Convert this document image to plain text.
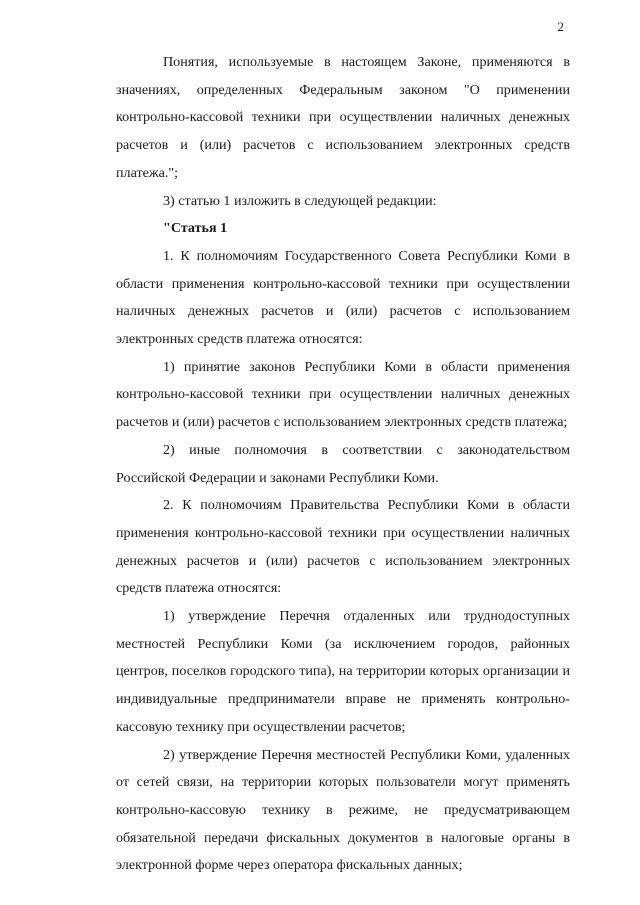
2

Понятия, используемые в настоящем Законе, применяются в значениях, определенных Федеральным законом "О применении контрольно-кассовой техники при осуществлении наличных денежных расчетов и (или) расчетов с использованием электронных средств платежа.";

3) статью 1 изложить в следующей редакции:

"Статья 1

1. К полномочиям Государственного Совета Республики Коми в области применения контрольно-кассовой техники при осуществлении наличных денежных расчетов и (или) расчетов с использованием электронных средств платежа относятся:

1) принятие законов Республики Коми в области применения контрольно-кассовой техники при осуществлении наличных денежных расчетов и (или) расчетов с использованием электронных средств платежа;

2) иные полномочия в соответствии с законодательством Российской Федерации и законами Республики Коми.

2. К полномочиям Правительства Республики Коми в области применения контрольно-кассовой техники при осуществлении наличных денежных расчетов и (или) расчетов с использованием электронных средств платежа относятся:

1) утверждение Перечня отдаленных или труднодоступных местностей Республики Коми (за исключением городов, районных центров, поселков городского типа), на территории которых организации и индивидуальные предприниматели вправе не применять контрольно-кассовую технику при осуществлении расчетов;

2) утверждение Перечня местностей Республики Коми, удаленных от сетей связи, на территории которых пользователи могут применять контрольно-кассовую технику в режиме, не предусматривающем обязательной передачи фискальных документов в налоговые органы в электронной форме через оператора фискальных данных;
